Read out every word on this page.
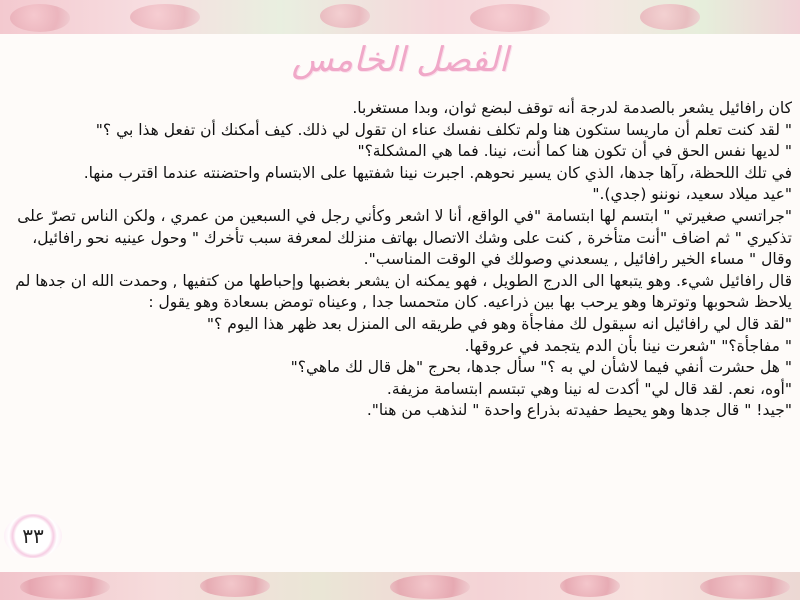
الفصل الخامس

كان رافائيل يشعر بالصدمة لدرجة أنه توقف لبضع ثوان، وبدا مستغربا.

" لقد كنت تعلم أن ماريسا ستكون هنا ولم تكلف نفسك عناء ان تقول لي ذلك. كيف أمكنك أن تفعل هذا بي ؟"

" لديها نفس الحق في أن تكون هنا كما أنت، نينا. فما هي المشكلة؟"

في تلك اللحظة، رآها جدها، الذي كان يسير نحوهم. اجبرت نينا شفتيها على الابتسام واحتضنته عندما اقترب منها.

"عيد ميلاد سعيد، نوننو (جدي)."

"جراتسي صغيرتي " ابتسم لها ابتسامة "في الواقع، أنا لا اشعر وكأني رجل في السبعين من عمري ، ولكن الناس تصرّ على تذكيري " ثم اضاف "أنت متأخرة , كنت على وشك الاتصال بهاتف منزلك لمعرفة سبب تأخرك " وحول عينيه نحو رافائيل، وقال " مساء الخير رافائيل , يسعدني وصولك في الوقت المناسب".

قال رافائيل شيء. وهو يتبعها الى الدرج الطويل ، فهو يمكنه ان يشعر بغضبها وإحباطها من كتفيها , وحمدت الله ان جدها لم يلاحظ شحوبها وتوترها وهو يرحب بها بين ذراعيه. كان متحمسا جدا , وعيناه تومض بسعادة وهو يقول :

"لقد قال لي رافائيل انه سيقول لك مفاجأة وهو في طريقه الى المنزل بعد ظهر هذا اليوم ؟"

" مفاجأة؟" "شعرت نينا بأن الدم يتجمد في عروقها.

" هل حشرت أنفي فيما لاشأن لي به ؟" سأل جدها، بحرج "هل قال لك ماهي؟"

"أوه، نعم. لقد قال لي" أكدت له نينا وهي تبتسم ابتسامة مزيفة.

"جيد! " قال جدها وهو يحيط حفيدته بذراع واحدة " لنذهب من هنا".

٣٣
